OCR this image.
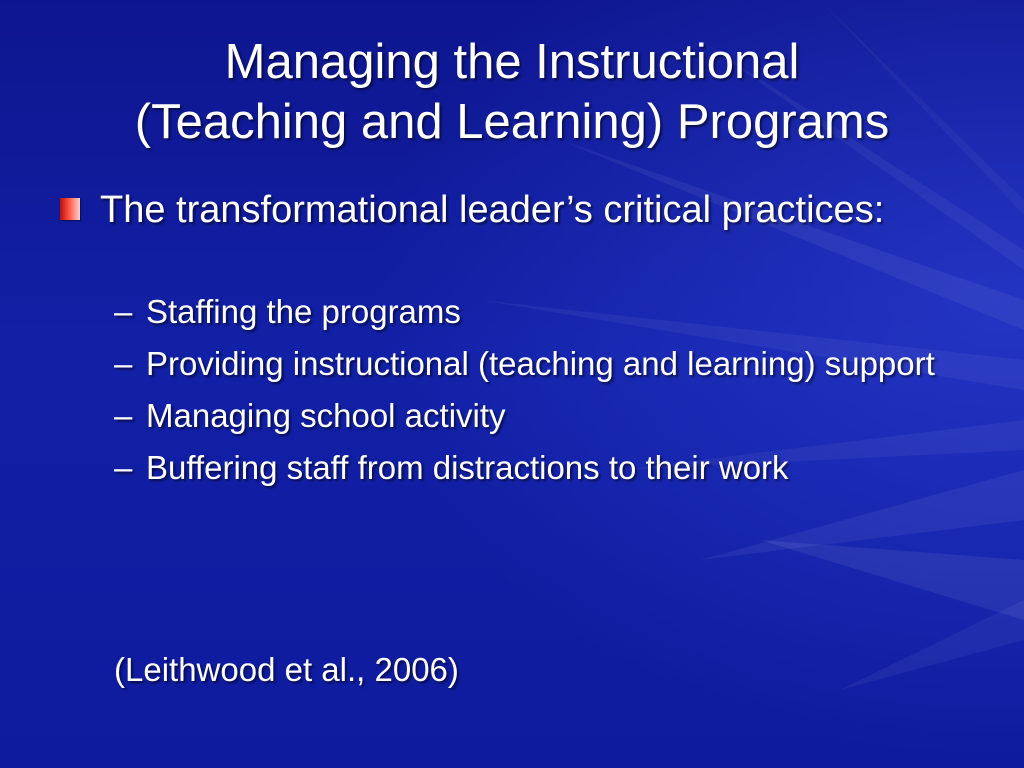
Managing the Instructional
(Teaching and Learning) Programs
The transformational leader’s critical practices:
– Staffing the programs
– Providing instructional (teaching and learning) support
– Managing school activity
– Buffering staff from distractions to their work
(Leithwood et al., 2006)
